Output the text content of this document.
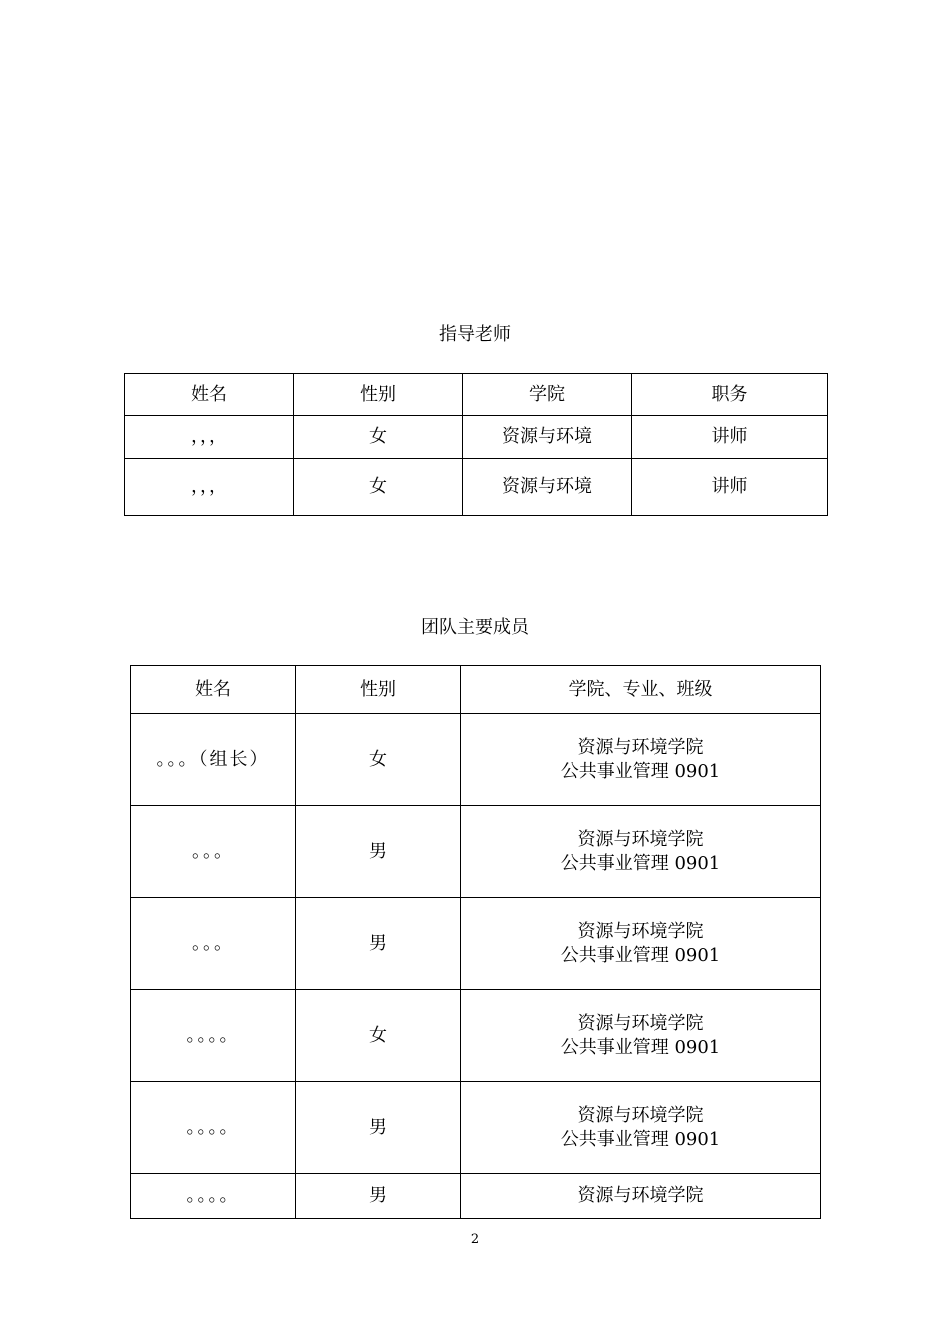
指导老师
姓名	性别	学院	职务
，，，	女	资源与环境	讲师
，，，	女	资源与环境	讲师
团队主要成员
姓名	性别	学院、专业、班级
。。。（组长）	女	资源与环境学院
公共事业管理 0901

。。。	男	资源与环境学院
公共事业管理 0901

。。。	男	资源与环境学院
公共事业管理 0901

。。。。	女	资源与环境学院
公共事业管理 0901

。。。。	男	资源与环境学院
公共事业管理 0901

。。。。	男	资源与环境学院
2
